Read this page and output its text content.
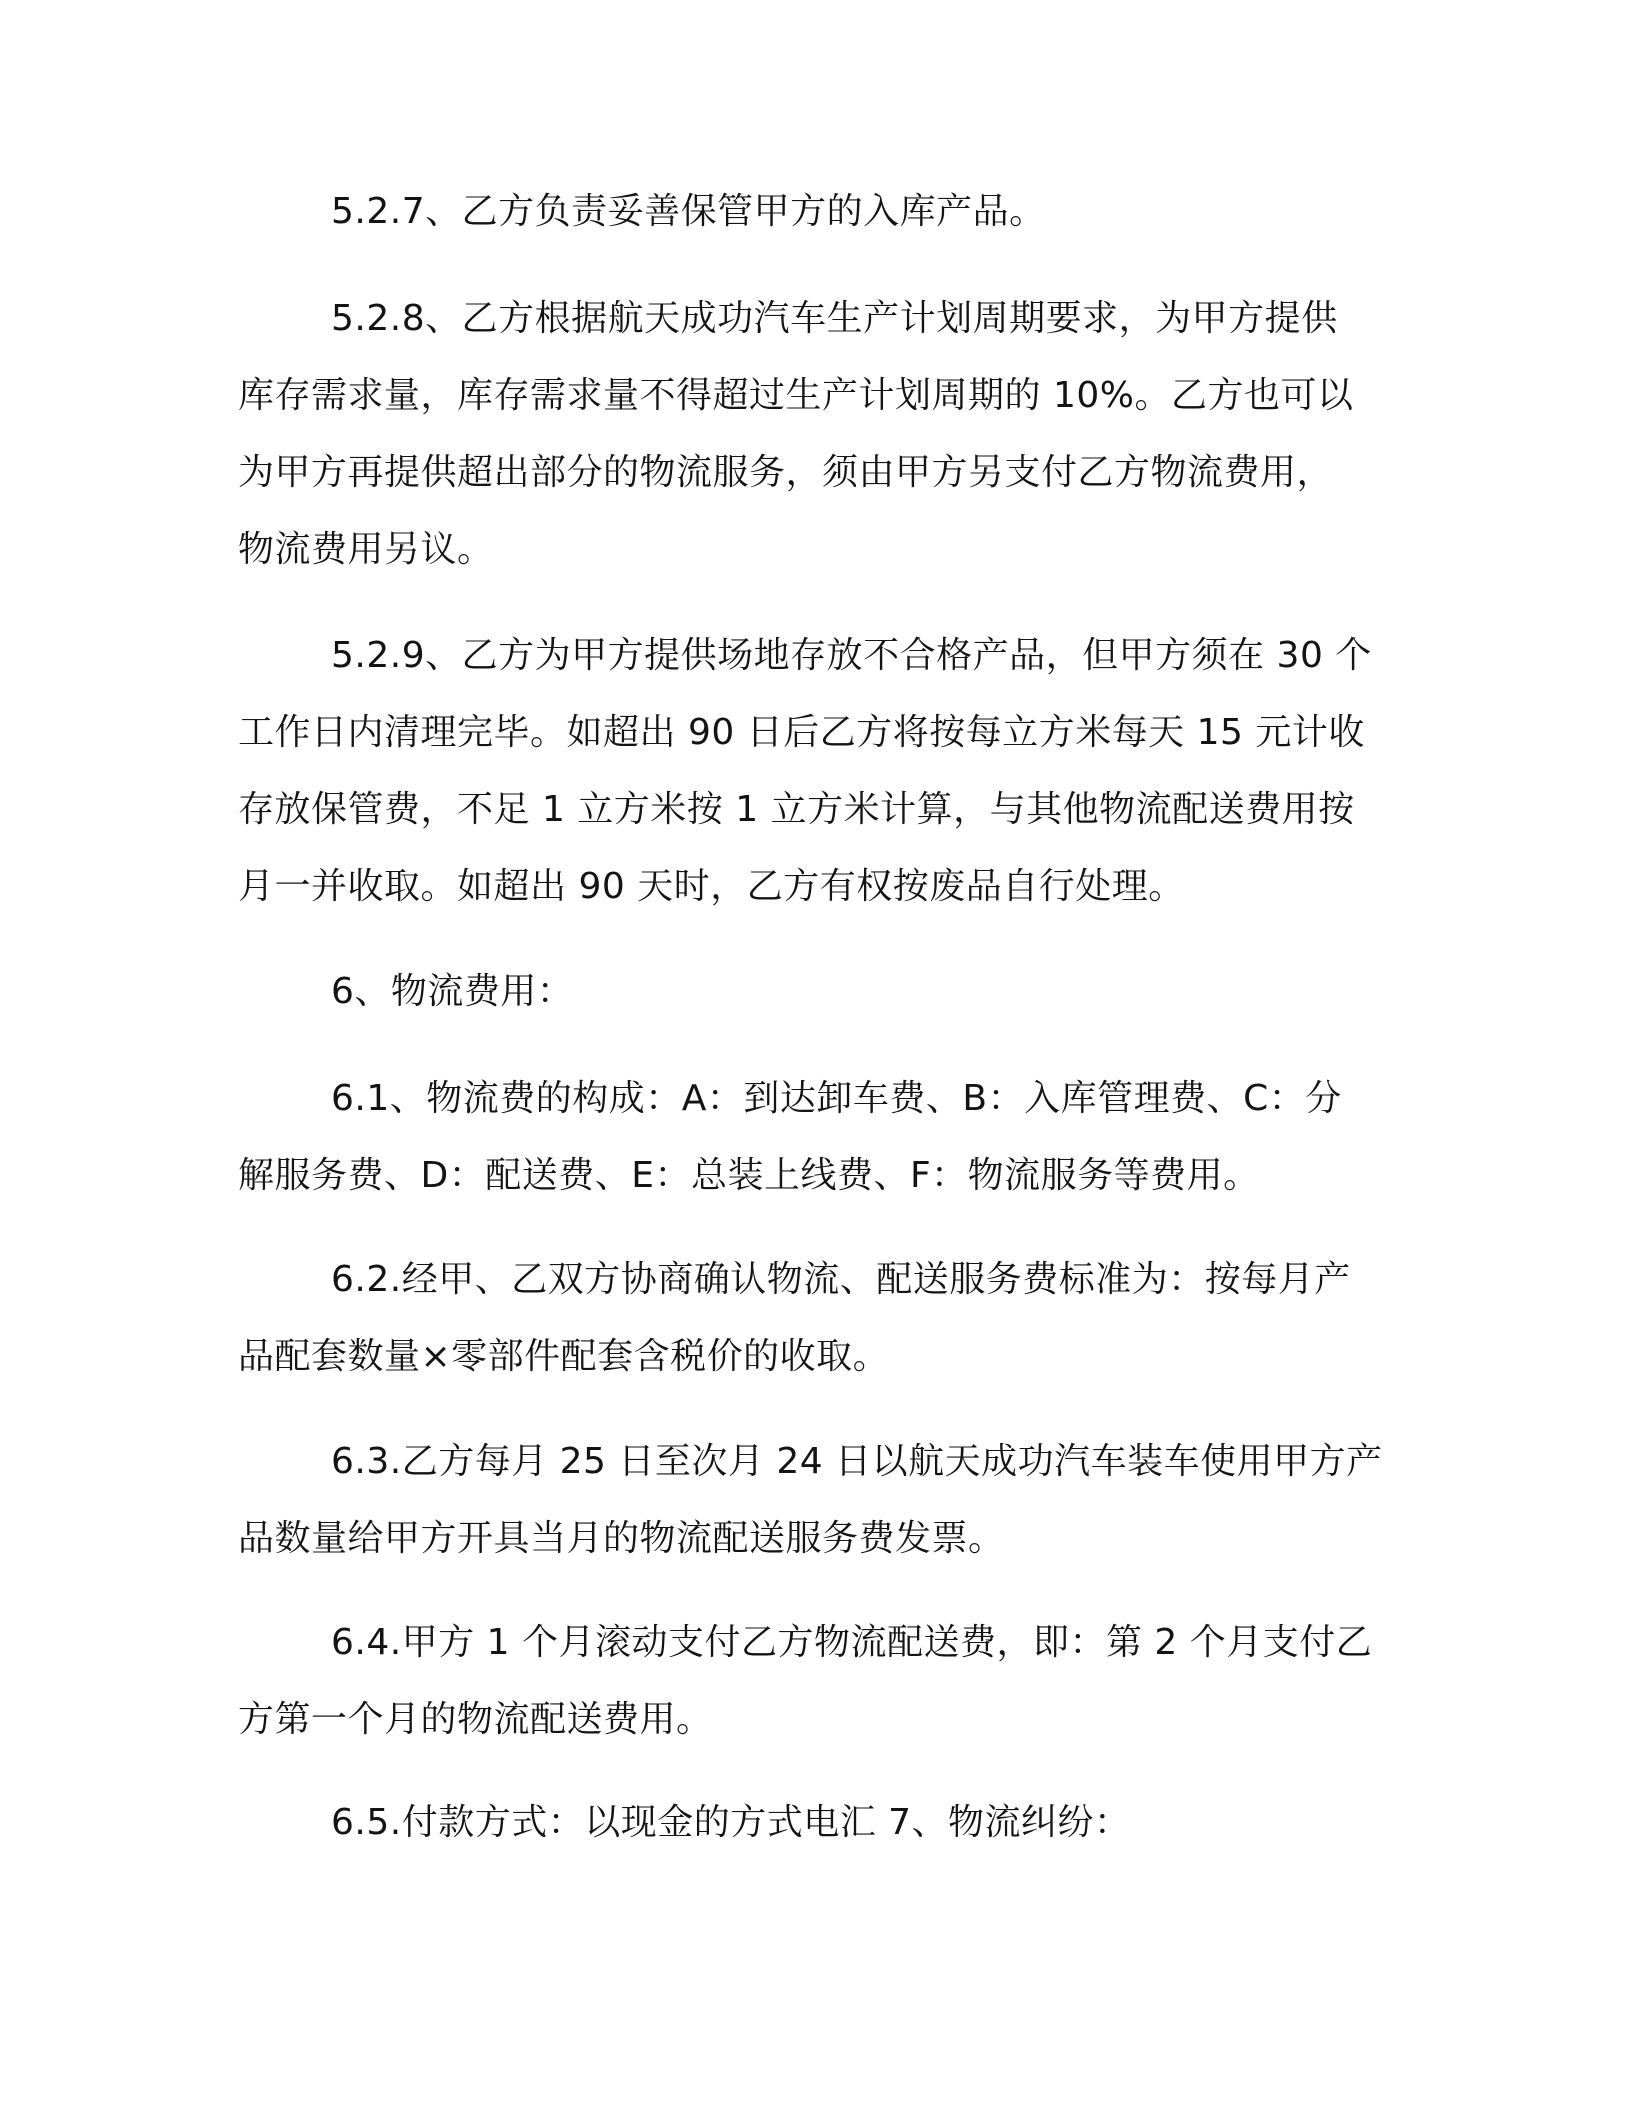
5.2.7、乙方负责妥善保管甲方的入库产品。
5.2.8、乙方根据航天成功汽车生产计划周期要求，为甲方提供
库存需求量，库存需求量不得超过生产计划周期的 10%。乙方也可以
为甲方再提供超出部分的物流服务，须由甲方另支付乙方物流费用，
物流费用另议。
5.2.9、乙方为甲方提供场地存放不合格产品，但甲方须在 30 个
工作日内清理完毕。如超出 90 日后乙方将按每立方米每天 15 元计收
存放保管费，不足 1 立方米按 1 立方米计算，与其他物流配送费用按
月一并收取。如超出 90 天时，乙方有权按废品自行处理。
6、物流费用：
6.1、物流费的构成：A：到达卸车费、B：入库管理费、C：分
解服务费、D：配送费、E：总装上线费、F：物流服务等费用。
6.2.经甲、乙双方协商确认物流、配送服务费标准为：按每月产
品配套数量×零部件配套含税价的收取。
6.3.乙方每月 25 日至次月 24 日以航天成功汽车装车使用甲方产
品数量给甲方开具当月的物流配送服务费发票。
6.4.甲方 1 个月滚动支付乙方物流配送费，即：第 2 个月支付乙
方第一个月的物流配送费用。
6.5.付款方式：以现金的方式电汇 7、物流纠纷：
